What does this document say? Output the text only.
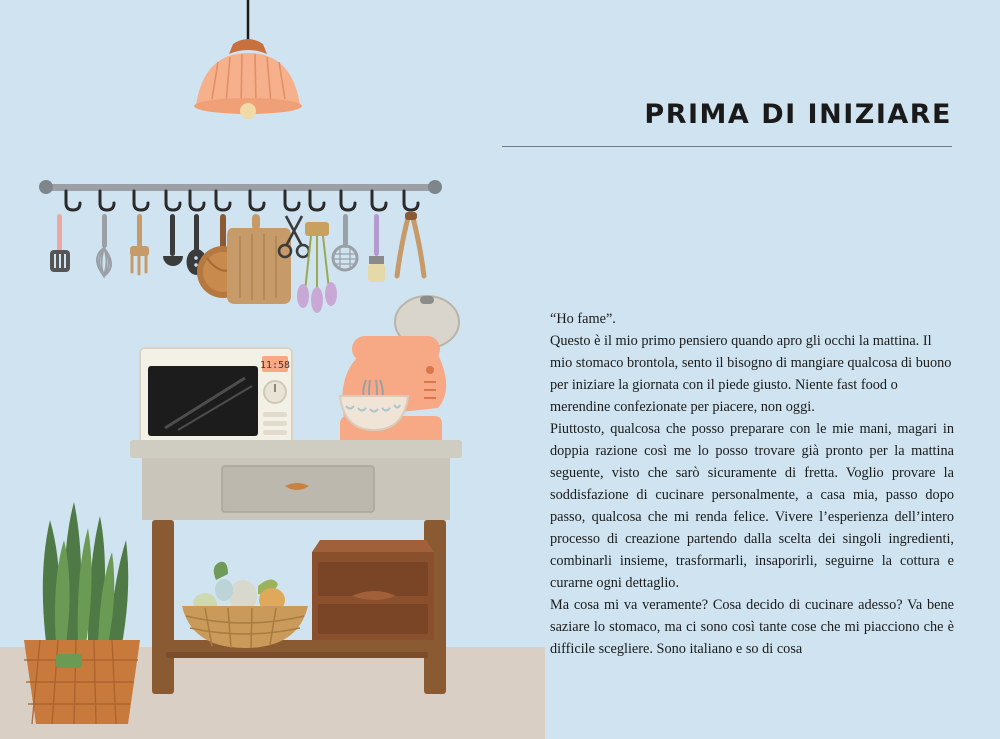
11:58
PRIMA DI INIZIARE

“Ho fame”.

Questo è il mio primo pensiero quando apro gli occhi la mattina. Il mio stomaco brontola, sento il bisogno di mangiare qualcosa di buono per iniziare la giornata con il piede giusto. Niente fast food o merendine confezionate per piacere, non oggi.

Piuttosto, qualcosa che posso preparare con le mie mani, magari in doppia razione così me lo posso trovare già pronto per la mattina seguente, visto che sarò sicuramente di fretta. Voglio provare la soddisfazione di cucinare personalmente, a casa mia, passo dopo passo, qualcosa che mi renda felice. Vivere l’esperienza dell’intero processo di creazione partendo dalla scelta dei singoli ingredienti, combinarli insieme, trasformarli, insaporirli, seguirne la cottura e curarne ogni dettaglio.

Ma cosa mi va veramente? Cosa decido di cucinare adesso? Va bene saziare lo stomaco, ma ci sono così tante cose che mi piacciono che è difficile scegliere. Sono italiano e so di cosa
